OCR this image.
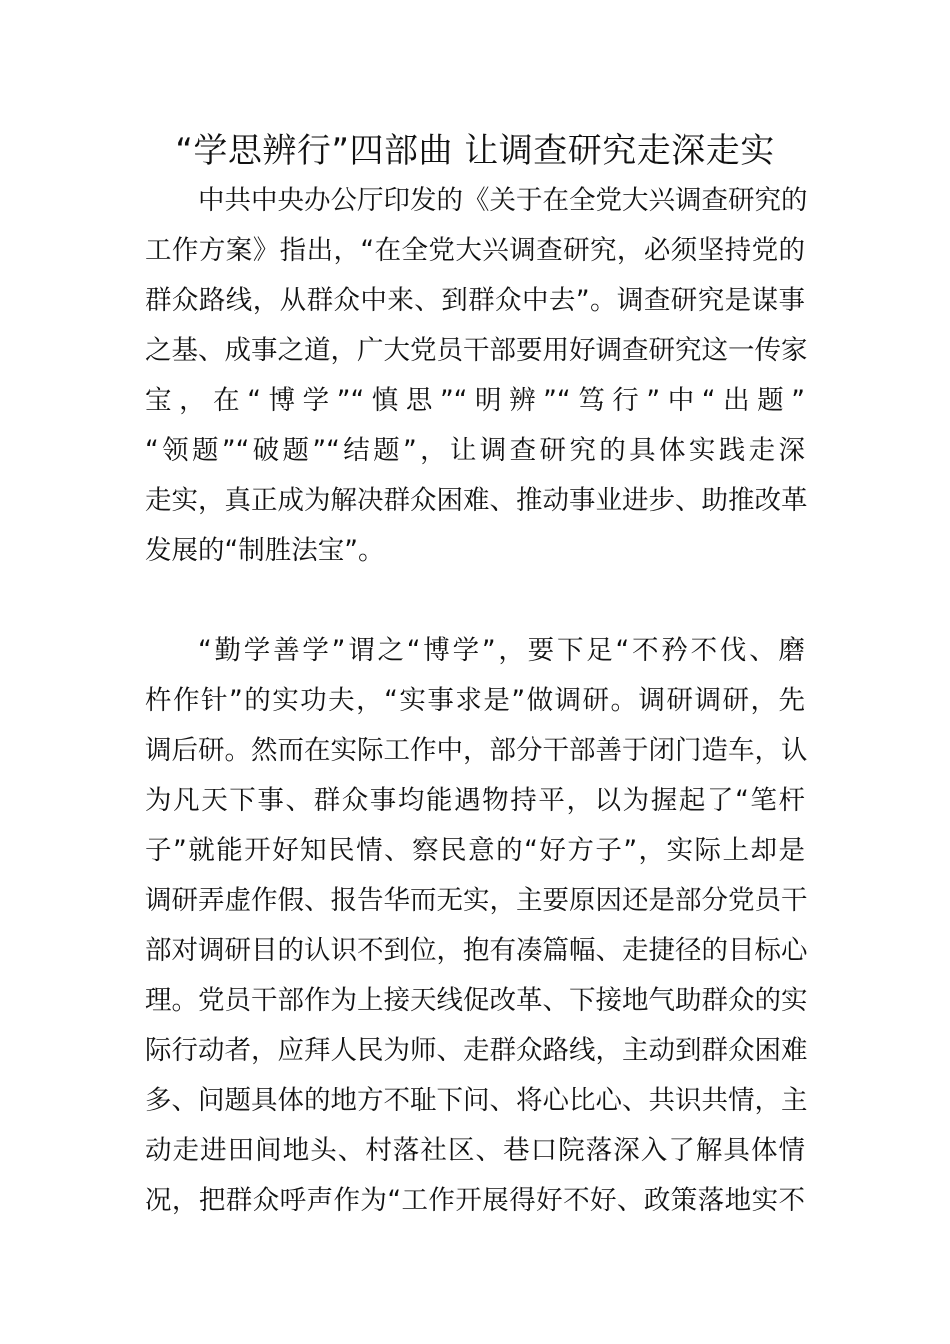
“学思辨行”四部曲 让调查研究走深走实
中共中央办公厅印发的《关于在全党大兴调查研究的
工作方案》指出，“在全党大兴调查研究，必须坚持党的
群众路线，从群众中来、到群众中去”。调查研究是谋事
之基、成事之道，广大党员干部要用好调查研究这一传家
宝，在“博学”“慎思”“明辨”“笃行”中“出题”
“领题”“破题”“结题”，让调查研究的具体实践走深
走实，真正成为解决群众困难、推动事业进步、助推改革
发展的“制胜法宝”。
“勤学善学”谓之“博学”，要下足“不矜不伐、磨
杵作针”的实功夫，“实事求是”做调研。调研调研，先
调后研。然而在实际工作中，部分干部善于闭门造车，认
为凡天下事、群众事均能遇物持平，以为握起了“笔杆
子”就能开好知民情、察民意的“好方子”，实际上却是
调研弄虚作假、报告华而无实，主要原因还是部分党员干
部对调研目的认识不到位，抱有凑篇幅、走捷径的目标心
理。党员干部作为上接天线促改革、下接地气助群众的实
际行动者，应拜人民为师、走群众路线，主动到群众困难
多、问题具体的地方不耻下问、将心比心、共识共情，主
动走进田间地头、村落社区、巷口院落深入了解具体情
况，把群众呼声作为“工作开展得好不好、政策落地实不
